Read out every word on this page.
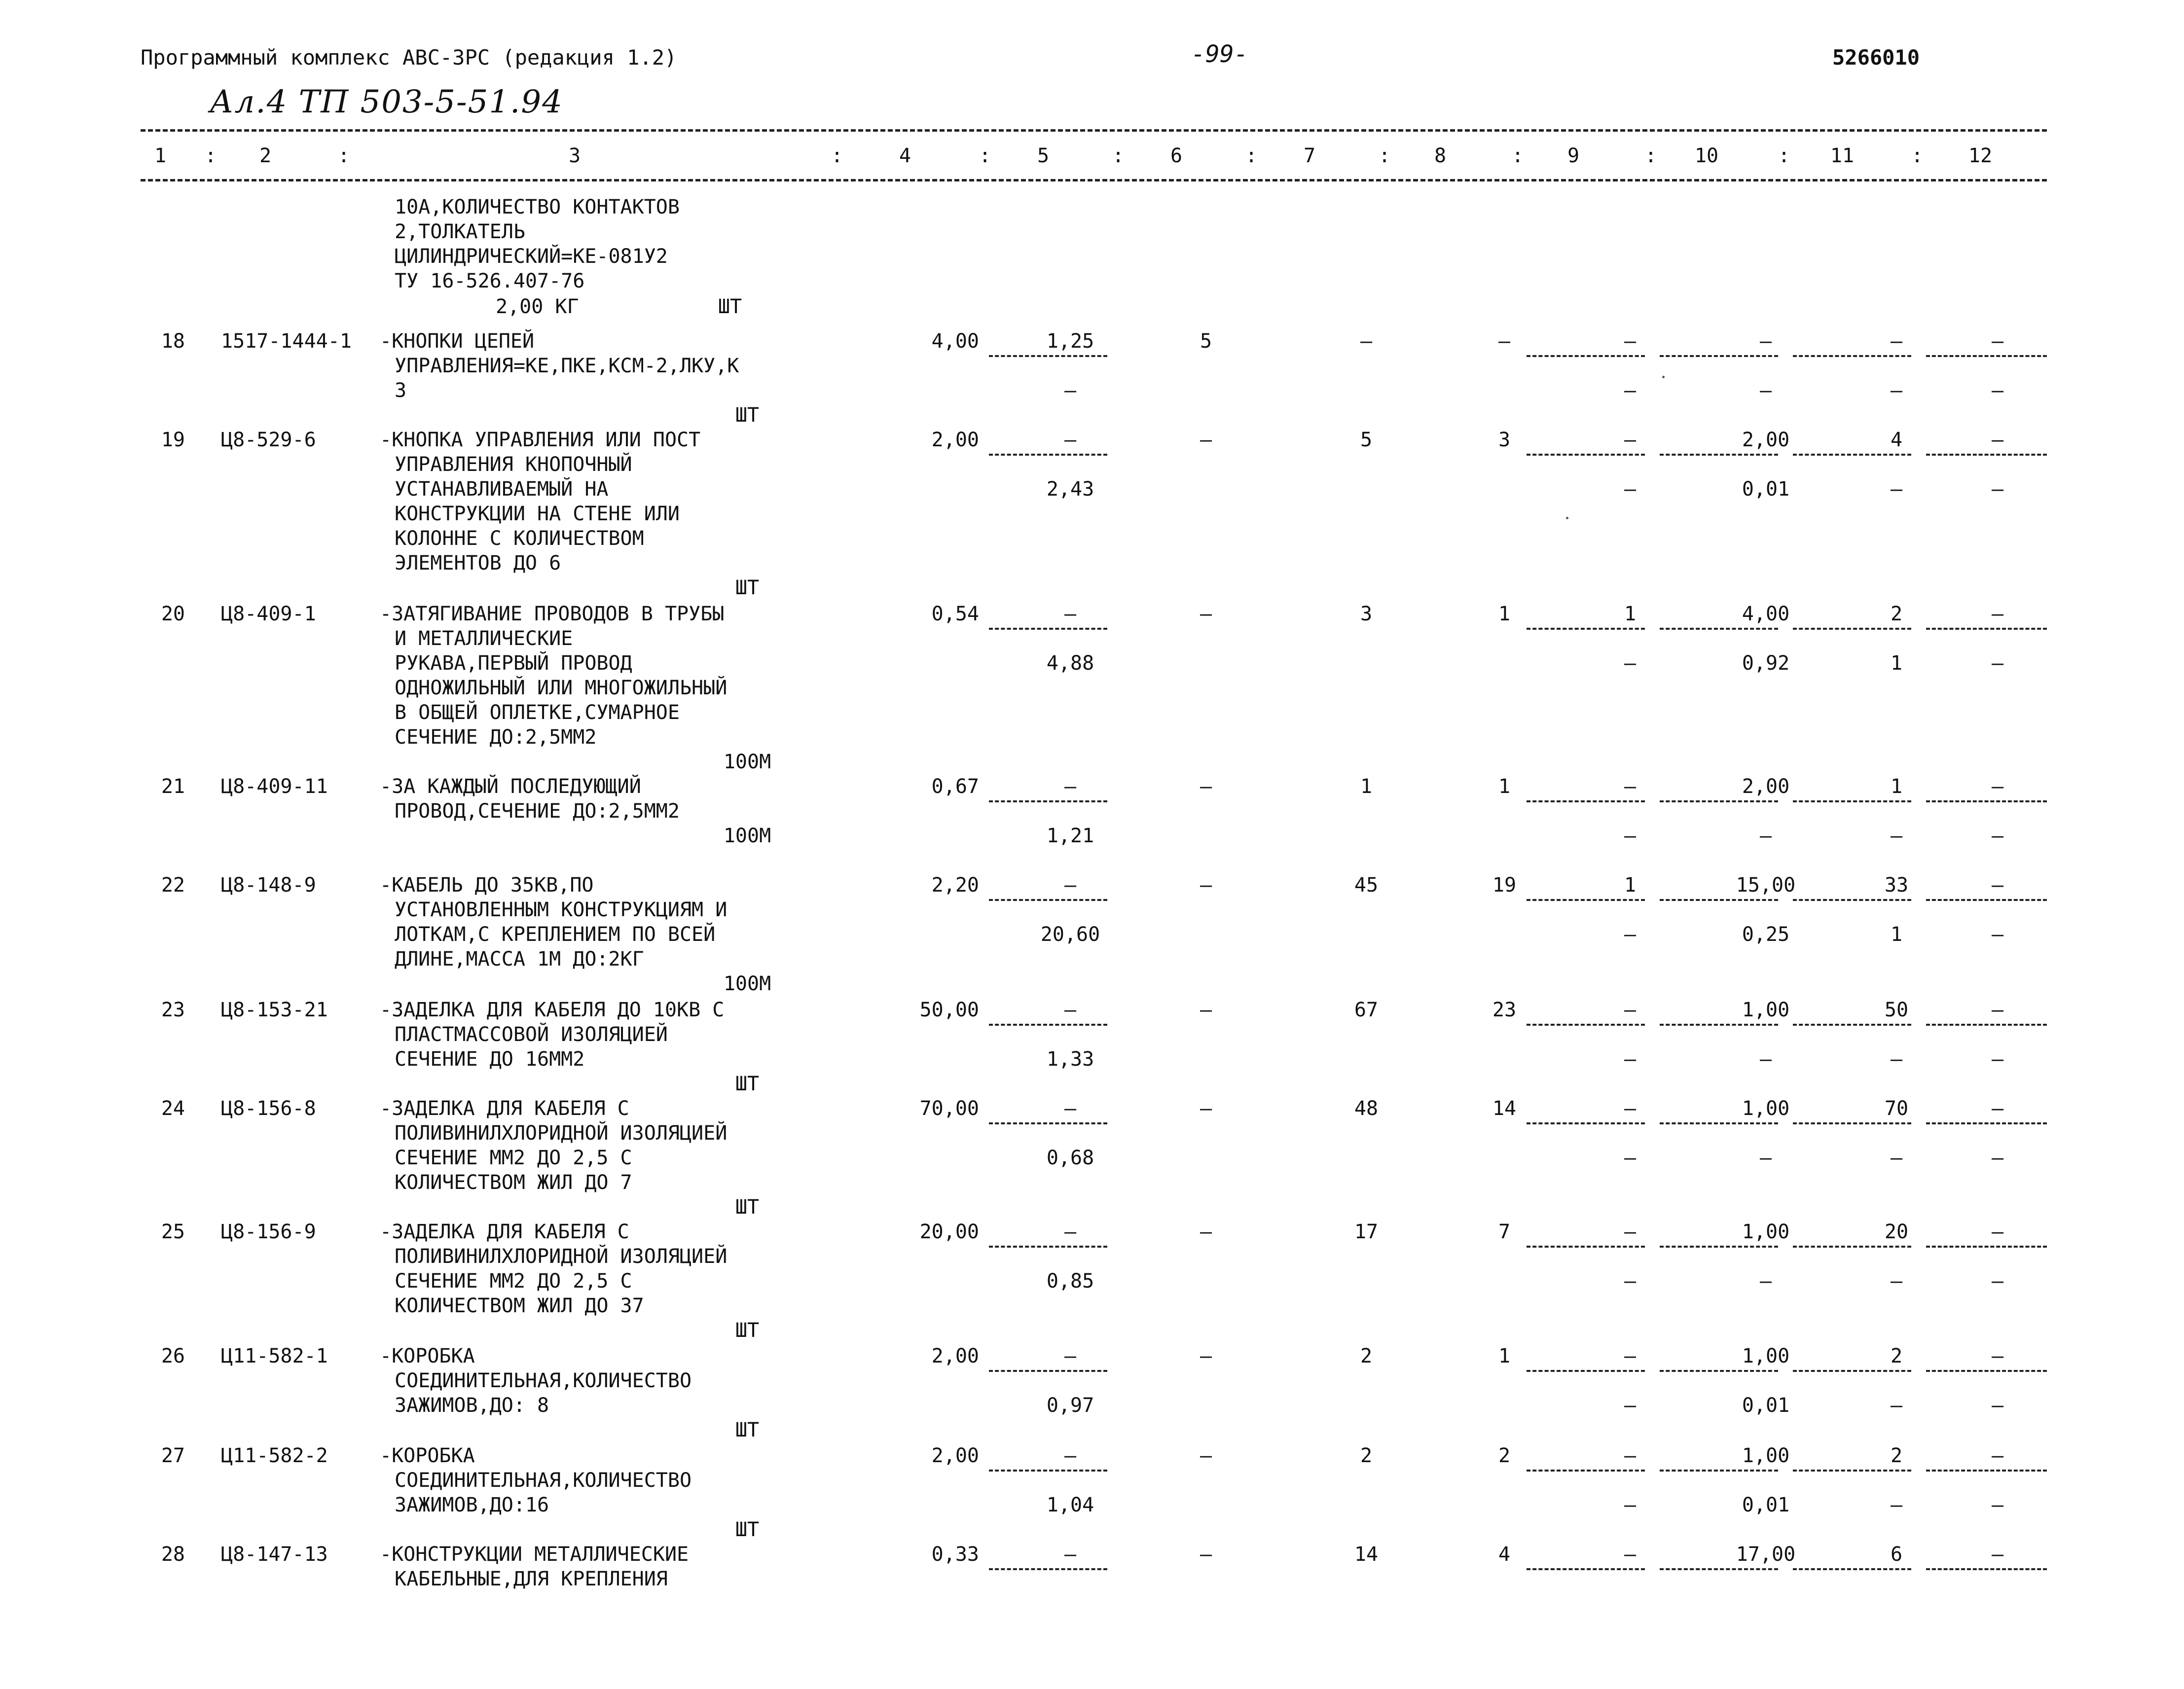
Программный комплекс АВС-3РС (редакция 1.2)	-99-	5266010
Ал.4 ТП 503-5-51.94
1	2	3	4	5	6	7	8	9	10	11	12
:	:	:	:	:	:	:	:	:	:	:
10А,КОЛИЧЕСТВО КОНТАКТОВ
2,ТОЛКАТЕЛЬ
ЦИЛИНДРИЧЕСКИЙ=КЕ-081У2
ТУ 16-526.407-76
2,00 КГ	ШТ
18 1517-1444-1 -КНОПКИ ЦЕПЕЙ
УПРАВЛЕНИЯ=КЕ,ПКЕ,КСМ-2,ЛКУ,К
3
ШТ
4,00	1,25	5	–	–	–	–	–	–
–	–	–	–	–
19 Ц8-529-6	-КНОПКА УПРАВЛЕНИЯ ИЛИ ПОСТ
УПРАВЛЕНИЯ КНОПОЧНЫЙ
УСТАНАВЛИВАЕМЫЙ НА
КОНСТРУКЦИИ НА СТЕНЕ ИЛИ
КОЛОННЕ С КОЛИЧЕСТВОМ
ЭЛЕМЕНТОВ ДО 6
ШТ
2,00	–	–	5	3	–	2,00	4	–
2,43	–	0,01	–	–
20 Ц8-409-1	-ЗАТЯГИВАНИЕ ПРОВОДОВ В ТРУБЫ
И МЕТАЛЛИЧЕСКИЕ
РУКАВА,ПЕРВЫЙ ПРОВОД
ОДНОЖИЛЬНЫЙ ИЛИ МНОГОЖИЛЬНЫЙ
В ОБЩЕЙ ОПЛЕТКЕ,СУМАРНОЕ
СЕЧЕНИЕ ДО:2,5ММ2
100М
0,54	–	–	3	1	1	4,00	2	–
4,88	–	0,92	1	–
21 Ц8-409-11	-ЗА КАЖДЫЙ ПОСЛЕДУЮЩИЙ
ПРОВОД,СЕЧЕНИЕ ДО:2,5ММ2
100М
0,67	–	–	1	1	–	2,00	1	–
1,21	–	–	–	–
22 Ц8-148-9	-КАБЕЛЬ ДО 35КВ,ПО
УСТАНОВЛЕННЫМ КОНСТРУКЦИЯМ И
ЛОТКАМ,С КРЕПЛЕНИЕМ ПО ВСЕЙ
ДЛИНЕ,МАССА 1М ДО:2КГ
100М
2,20	–	–	45	19	1	15,00	33	–
20,60	–	0,25	1	–
23 Ц8-153-21	-ЗАДЕЛКА ДЛЯ КАБЕЛЯ ДО 10КВ С
ПЛАСТМАССОВОЙ ИЗОЛЯЦИЕЙ
СЕЧЕНИЕ ДО 16ММ2
ШТ
50,00	–	–	67	23	–	1,00	50	–
1,33	–	–	–	–
24 Ц8-156-8	-ЗАДЕЛКА ДЛЯ КАБЕЛЯ С
ПОЛИВИНИЛХЛОРИДНОЙ ИЗОЛЯЦИЕЙ
СЕЧЕНИЕ ММ2 ДО 2,5 С
КОЛИЧЕСТВОМ ЖИЛ ДО 7
ШТ
70,00	–	–	48	14	–	1,00	70	–
0,68	–	–	–	–
25 Ц8-156-9	-ЗАДЕЛКА ДЛЯ КАБЕЛЯ С
ПОЛИВИНИЛХЛОРИДНОЙ ИЗОЛЯЦИЕЙ
СЕЧЕНИЕ ММ2 ДО 2,5 С
КОЛИЧЕСТВОМ ЖИЛ ДО 37
ШТ
20,00	–	–	17	7	–	1,00	20	–
0,85	–	–	–	–
26 Ц11-582-1	-КОРОБКА
СОЕДИНИТЕЛЬНАЯ,КОЛИЧЕСТВО
ЗАЖИМОВ,ДО: 8
ШТ
2,00	–	–	2	1	–	1,00	2	–
0,97	–	0,01	–	–
27 Ц11-582-2	-КОРОБКА
СОЕДИНИТЕЛЬНАЯ,КОЛИЧЕСТВО
ЗАЖИМОВ,ДО:16
ШТ
2,00	–	–	2	2	–	1,00	2	–
1,04	–	0,01	–	–
28 Ц8-147-13	-КОНСТРУКЦИИ МЕТАЛЛИЧЕСКИЕ
КАБЕЛЬНЫЕ,ДЛЯ КРЕПЛЕНИЯ
0,33	–	–	14	4	–	17,00	6	–
